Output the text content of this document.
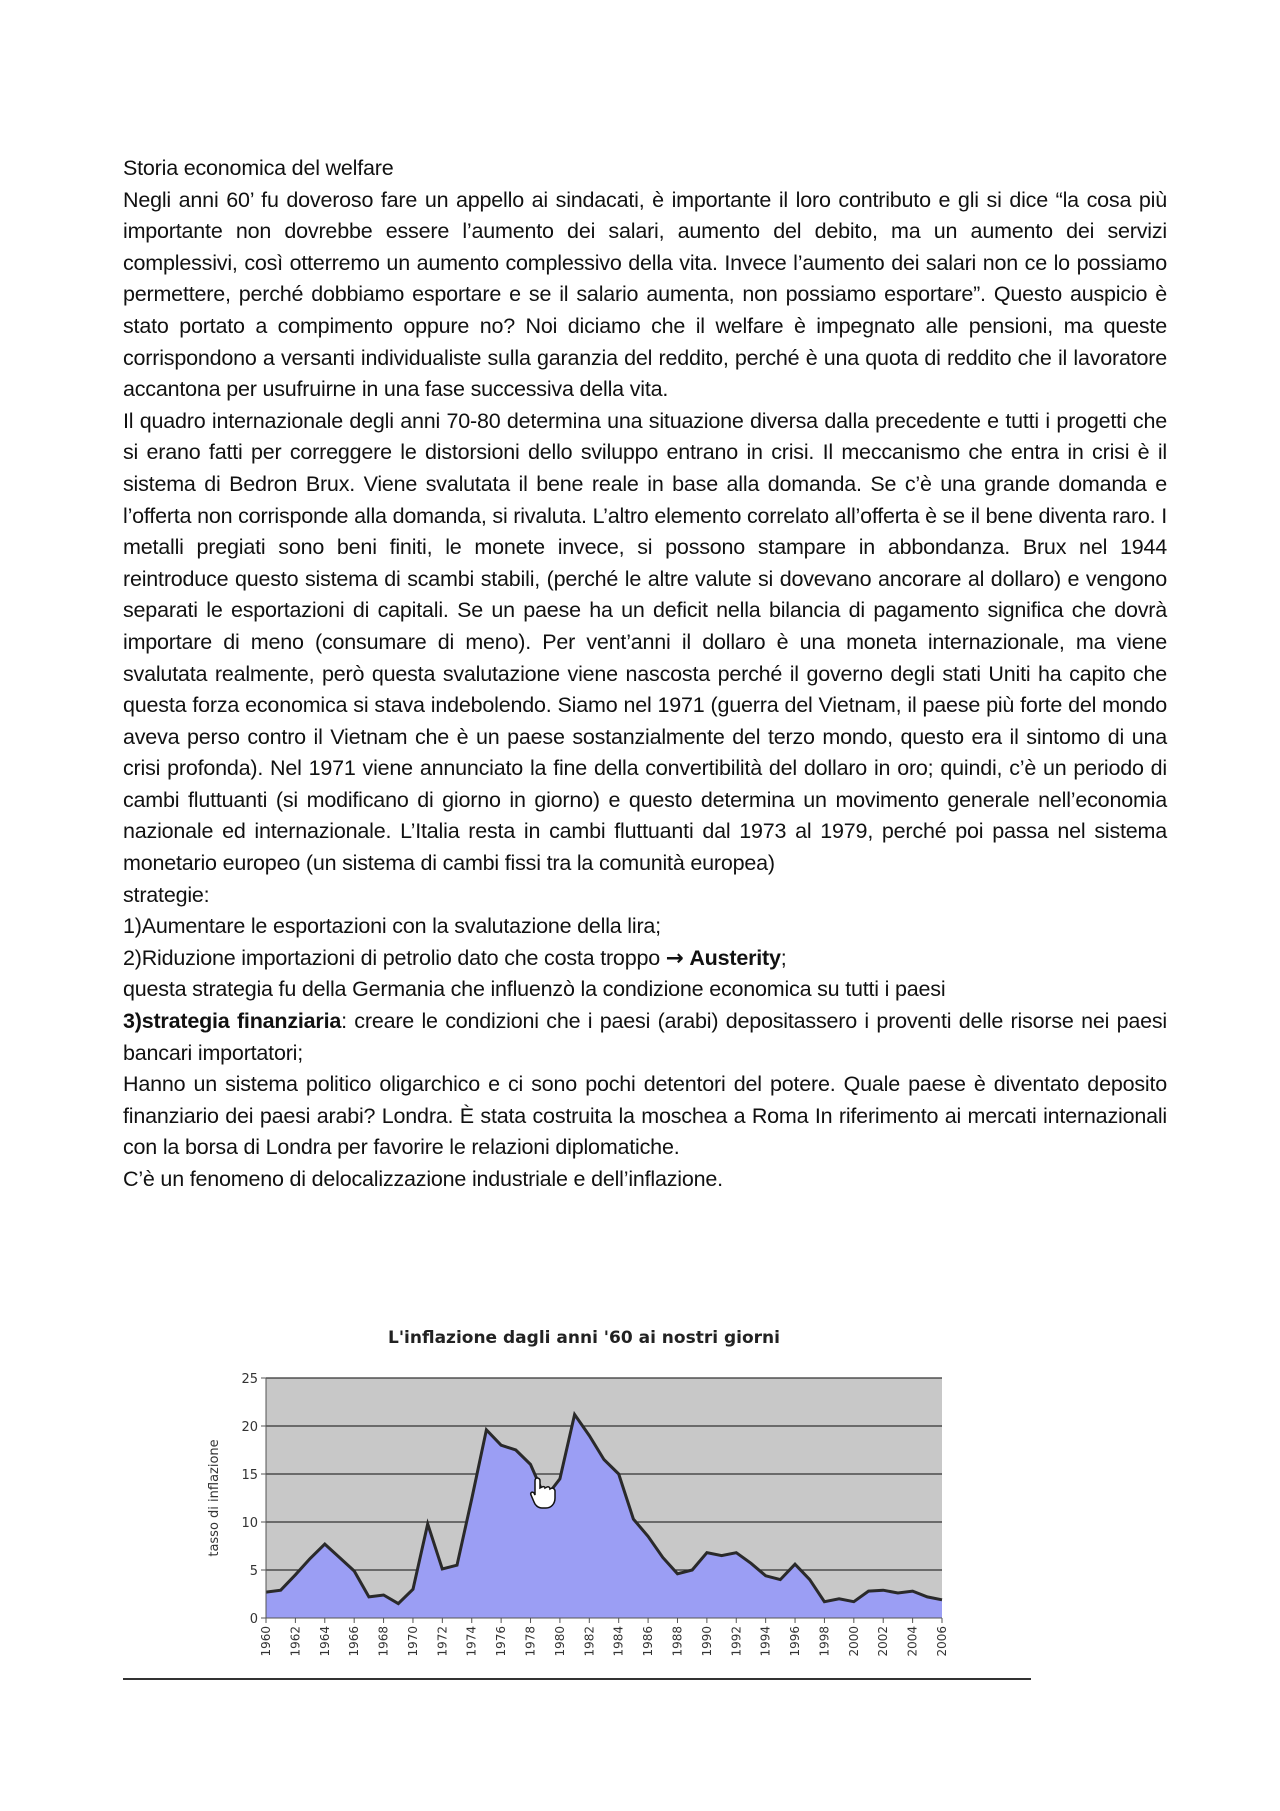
Storia economica del welfare

Negli anni 60’ fu doveroso fare un appello ai sindacati, è importante il loro contributo e gli si dice “la cosa più importante non dovrebbe essere l’aumento dei salari, aumento del debito, ma un aumento dei servizi complessivi, così otterremo un aumento complessivo della vita. Invece l’aumento dei salari non ce lo possiamo permettere, perché dobbiamo esportare e se il salario aumenta, non possiamo esportare”. Questo auspicio è stato portato a compimento oppure no? Noi diciamo che il welfare è impegnato alle pensioni, ma queste corrispondono a versanti individualiste sulla garanzia del reddito, perché è una quota di reddito che il lavoratore accantona per usufruirne in una fase successiva della vita.

Il quadro internazionale degli anni 70-80 determina una situazione diversa dalla precedente e tutti i progetti che si erano fatti per correggere le distorsioni dello sviluppo entrano in crisi. Il meccanismo che entra in crisi è il sistema di Bedron Brux. Viene svalutata il bene reale in base alla domanda. Se c’è una grande domanda e l’offerta non corrisponde alla domanda, si rivaluta. L’altro elemento correlato all’offerta è se il bene diventa raro. I metalli pregiati sono beni finiti, le monete invece, si possono stampare in abbondanza. Brux nel 1944 reintroduce questo sistema di scambi stabili, (perché le altre valute si dovevano ancorare al dollaro) e vengono separati le esportazioni di capitali. Se un paese ha un deficit nella bilancia di pagamento significa che dovrà importare di meno (consumare di meno). Per vent’anni il dollaro è una moneta internazionale, ma viene svalutata realmente, però questa svalutazione viene nascosta perché il governo degli stati Uniti ha capito che questa forza economica si stava indebolendo. Siamo nel 1971 (guerra del Vietnam, il paese più forte del mondo aveva perso contro il Vietnam che è un paese sostanzialmente del terzo mondo, questo era il sintomo di una crisi profonda). Nel 1971 viene annunciato la fine della convertibilità del dollaro in oro; quindi, c’è un periodo di cambi fluttuanti (si modificano di giorno in giorno) e questo determina un movimento generale nell’economia nazionale ed internazionale. L’Italia resta in cambi fluttuanti dal 1973 al 1979, perché poi passa nel sistema monetario europeo (un sistema di cambi fissi tra la comunità europea)

strategie:

1)Aumentare le esportazioni con la svalutazione della lira;

2)Riduzione importazioni di petrolio dato che costa troppo → Austerity;

questa strategia fu della Germania che influenzò la condizione economica su tutti i paesi

3)strategia finanziaria: creare le condizioni che i paesi (arabi) depositassero i proventi delle risorse nei paesi bancari importatori;

Hanno un sistema politico oligarchico e ci sono pochi detentori del potere. Quale paese è diventato deposito finanziario dei paesi arabi? Londra. È stata costruita la moschea a Roma In riferimento ai mercati internazionali con la borsa di Londra per favorire le relazioni diplomatiche.

C’è un fenomeno di delocalizzazione industriale e dell’inflazione.

L'inflazione dagli anni '60 ai nostri giorni
0
5
10
15
20
25
1960 1962 1964 1966 1968 1970 1972 1974 1976 1978 1980 1982 1984 1986 1988 1990 1992 1994 1996 1998 2000 2002 2004 2006
tasso di inflazione
